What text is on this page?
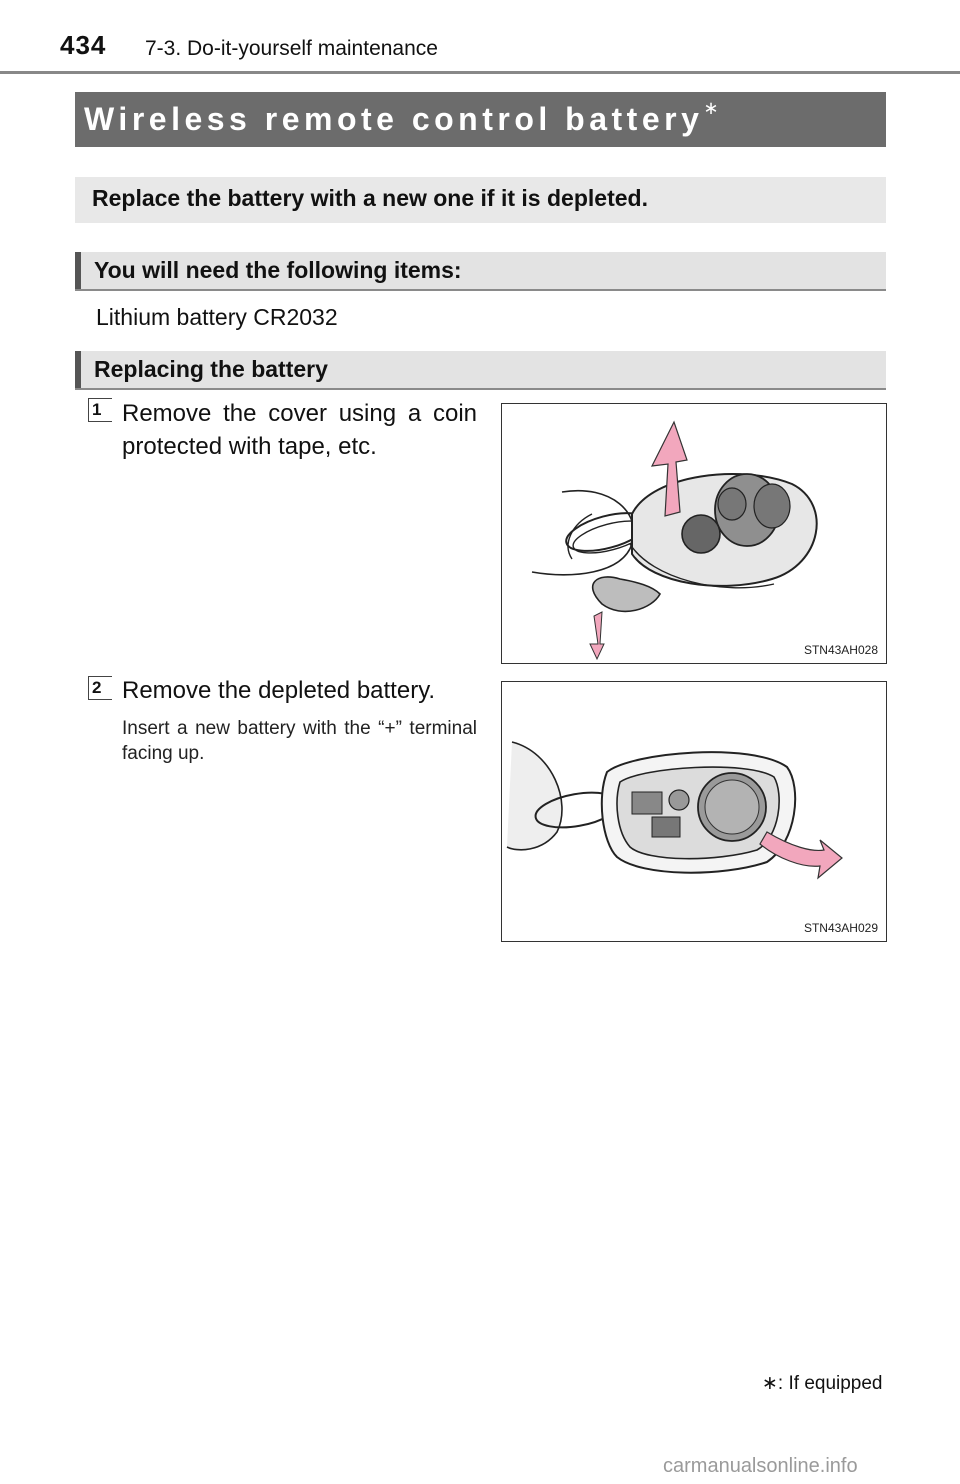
434 7-3. Do-it-yourself maintenance
Wireless remote control battery∗
Replace the battery with a new one if it is depleted.
You will need the following items:
Lithium battery CR2032
Replacing the battery
1 Remove the cover using a coin protected with tape, etc.
STN43AH028
2 Remove the depleted battery.
Insert a new battery with the “+” terminal facing up.
STN43AH029
∗: If equipped
carmanualsonline.info
